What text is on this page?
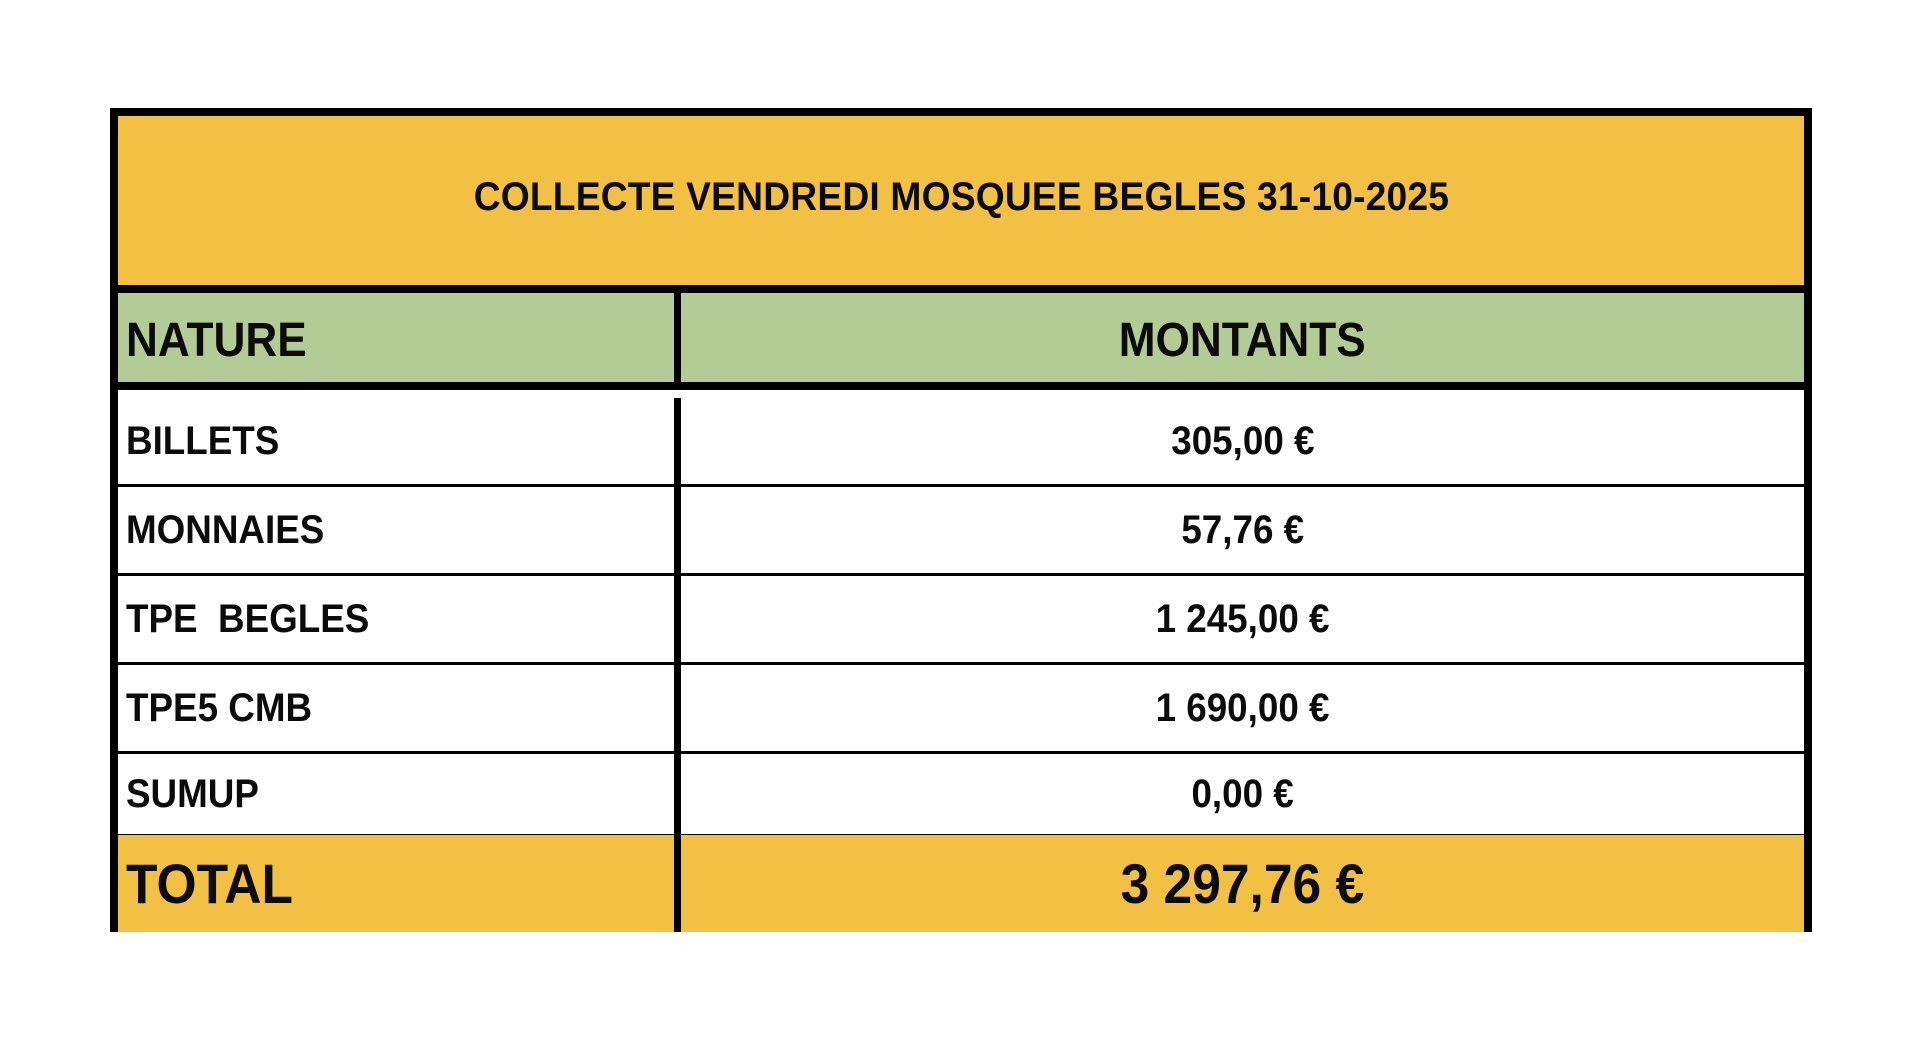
COLLECTE VENDREDI MOSQUEE BEGLES 31-10-2025
NATURE	MONTANTS
BILLETS	305,00 €
MONNAIES	57,76 €
TPE  BEGLES	1 245,00 €
TPE5 CMB	1 690,00 €
SUMUP	0,00 €
TOTAL	3 297,76 €
